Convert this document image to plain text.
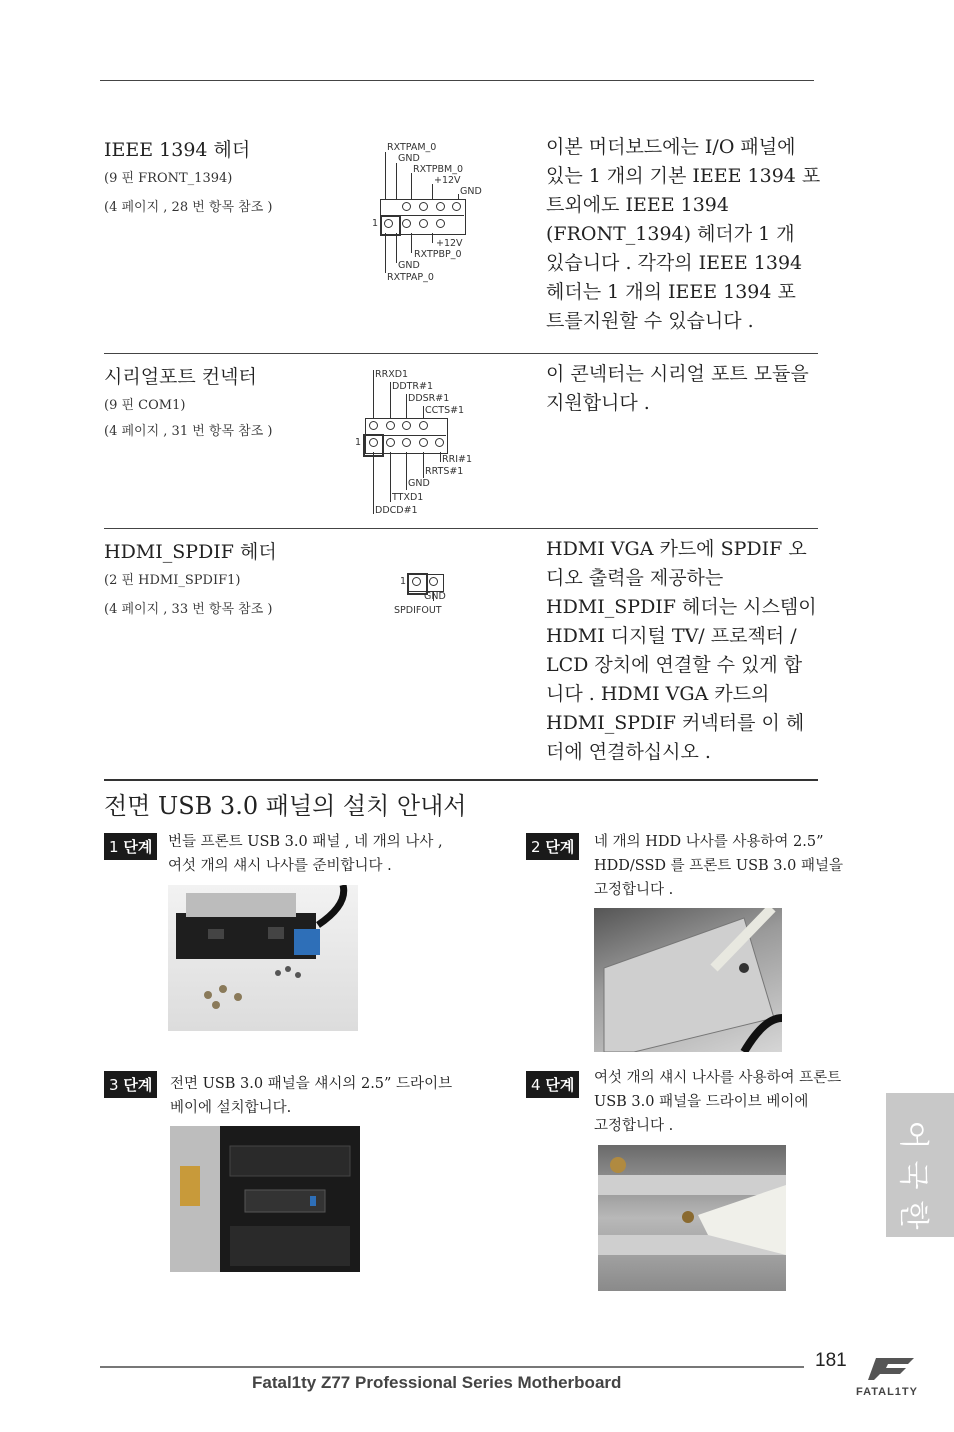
IEEE 1394 헤더
(9 핀 FRONT_1394)
(4 페이지 , 28 번 항목 참조 )
RXTPAM_0
GND
RXTPBM_0
+12V
GND
1
+12V
RXTPBP_0
GND
RXTPAP_0
이본 머더보드에는 I/O 패널에
있는 1 개의 기본 IEEE 1394 포
트외에도 IEEE 1394
(FRONT_1394) 헤더가 1 개
있습니다 . 각각의 IEEE 1394
헤더는 1 개의 IEEE 1394 포
트를지원할 수 있습니다 .
시리얼포트 컨넥터
(9 핀 COM1)
(4 페이지 , 31 번 항목 참조 )
RRXD1
DDTR#1
DDSR#1
CCTS#1
1
RRI#1
RRTS#1
GND
TTXD1
DDCD#1
이 콘넥터는 시리얼 포트 모듈을
지원합니다 .
HDMI_SPDIF 헤더
(2 핀 HDMI_SPDIF1)
(4 페이지 , 33 번 항목 참조 )
1
GND
SPDIFOUT
HDMI VGA 카드에 SPDIF 오
디오 출력을 제공하는
HDMI_SPDIF 헤더는 시스템이
HDMI 디지털 TV/ 프로젝터 /
LCD 장치에 연결할 수 있게 합
니다 . HDMI VGA 카드의
HDMI_SPDIF 커넥터를 이 헤
더에 연결하십시오 .
전면 USB 3.0 패널의 설치 안내서
1 단계	번들 프론트 USB 3.0 패널 , 네 개의 나사 ,
여섯 개의 섀시 나사를 준비합니다 .
2 단계	네 개의 HDD 나사를 사용하여 2.5”
HDD/SSD 를 프론트 USB 3.0 패널을
고정합니다 .
3 단계	전면 USB 3.0 패널을 섀시의 2.5” 드라이브
베이에 설치합니다.
4 단계	여섯 개의 섀시 나사를 사용하여 프론트
USB 3.0 패널을 드라이브 베이에
고정합니다 .
한
국
어
181
Fatal1ty Z77 Professional Series Motherboard	FATAL1TY
